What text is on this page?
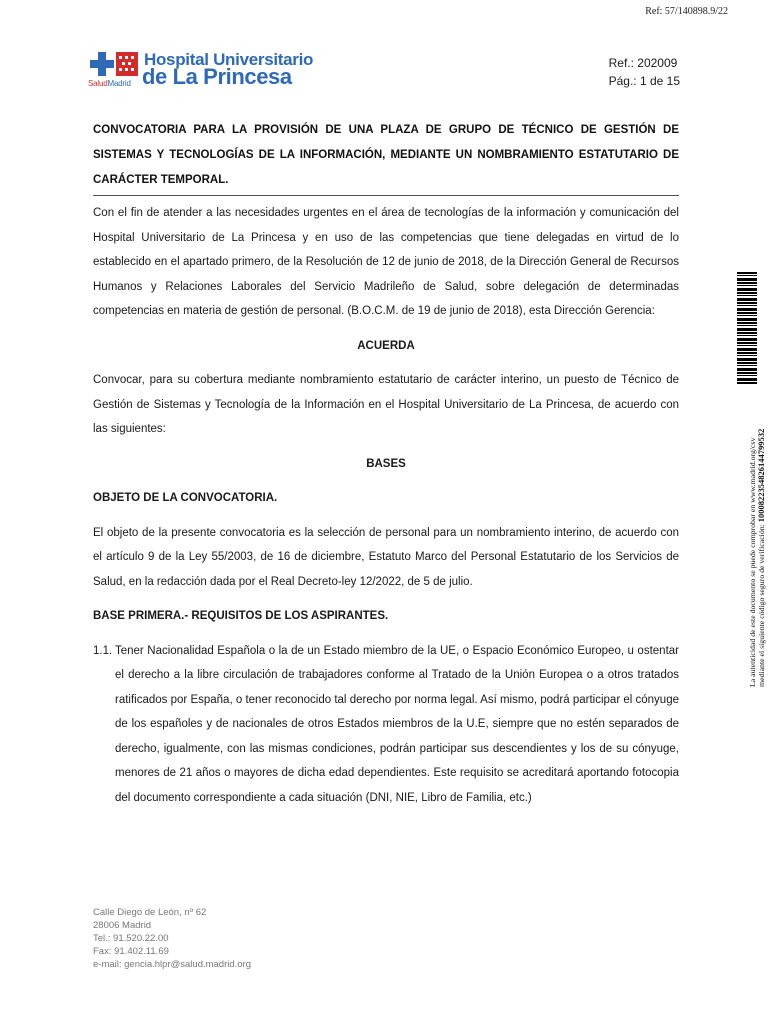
Ref: 57/140898.9/22
SaludMadrid
Hospital Universitario
de La Princesa
Ref.: 202009
Pág.: 1 de 15
CONVOCATORIA PARA LA PROVISIÓN DE UNA PLAZA DE GRUPO DE TÉCNICO DE GESTIÓN DE SISTEMAS Y TECNOLOGÍAS DE LA INFORMACIÓN, MEDIANTE UN NOMBRAMIENTO ESTATUTARIO DE CARÁCTER TEMPORAL.

Con el fin de atender a las necesidades urgentes en el área de tecnologías de la información y comunicación del Hospital Universitario de La Princesa y en uso de las competencias que tiene delegadas en virtud de lo establecido en el apartado primero, de la Resolución de 12 de junio de 2018, de la Dirección General de Recursos Humanos y Relaciones Laborales del Servicio Madrileño de Salud, sobre delegación de determinadas competencias en materia de gestión de personal. (B.O.C.M. de 19 de junio de 2018), esta Dirección Gerencia:

ACUERDA

Convocar, para su cobertura mediante nombramiento estatutario de carácter interino, un puesto de Técnico de Gestión de Sistemas y Tecnología de la Información en el Hospital Universitario de La Princesa, de acuerdo con las siguientes:

BASES

OBJETO DE LA CONVOCATORIA.

El objeto de la presente convocatoria es la selección de personal para un nombramiento interino, de acuerdo con el artículo 9 de la Ley 55/2003, de 16 de diciembre, Estatuto Marco del Personal Estatutario de los Servicios de Salud, en la redacción dada por el Real Decreto-ley 12/2022, de 5 de julio.

BASE PRIMERA.- REQUISITOS DE LOS ASPIRANTES.

1.1. Tener Nacionalidad Española o la de un Estado miembro de la UE, o Espacio Económico Europeo, u ostentar el derecho a la libre circulación de trabajadores conforme al Tratado de la Unión Europea o a otros tratados ratificados por España, o tener reconocido tal derecho por norma legal. Así mismo, podrá participar el cónyuge de los españoles y de nacionales de otros Estados miembros de la U.E, siempre que no estén separados de derecho, igualmente, con las mismas condiciones, podrán participar sus descendientes y los de su cónyuge, menores de 21 años o mayores de dicha edad dependientes. Este requisito se acreditará aportando fotocopia del documento correspondiente a cada situación (DNI, NIE, Libro de Familia, etc.)
Calle Diego de León, nº 62
28006 Madrid
Tel.: 91.520.22.00
Fax: 91.402.11.69
e-mail: gencia.hlpr@salud.madrid.org
La autenticidad de este documento se puede comprobar en www.madrid.org/csv mediante el siguiente código seguro de verificación: 1000822354826144799532
